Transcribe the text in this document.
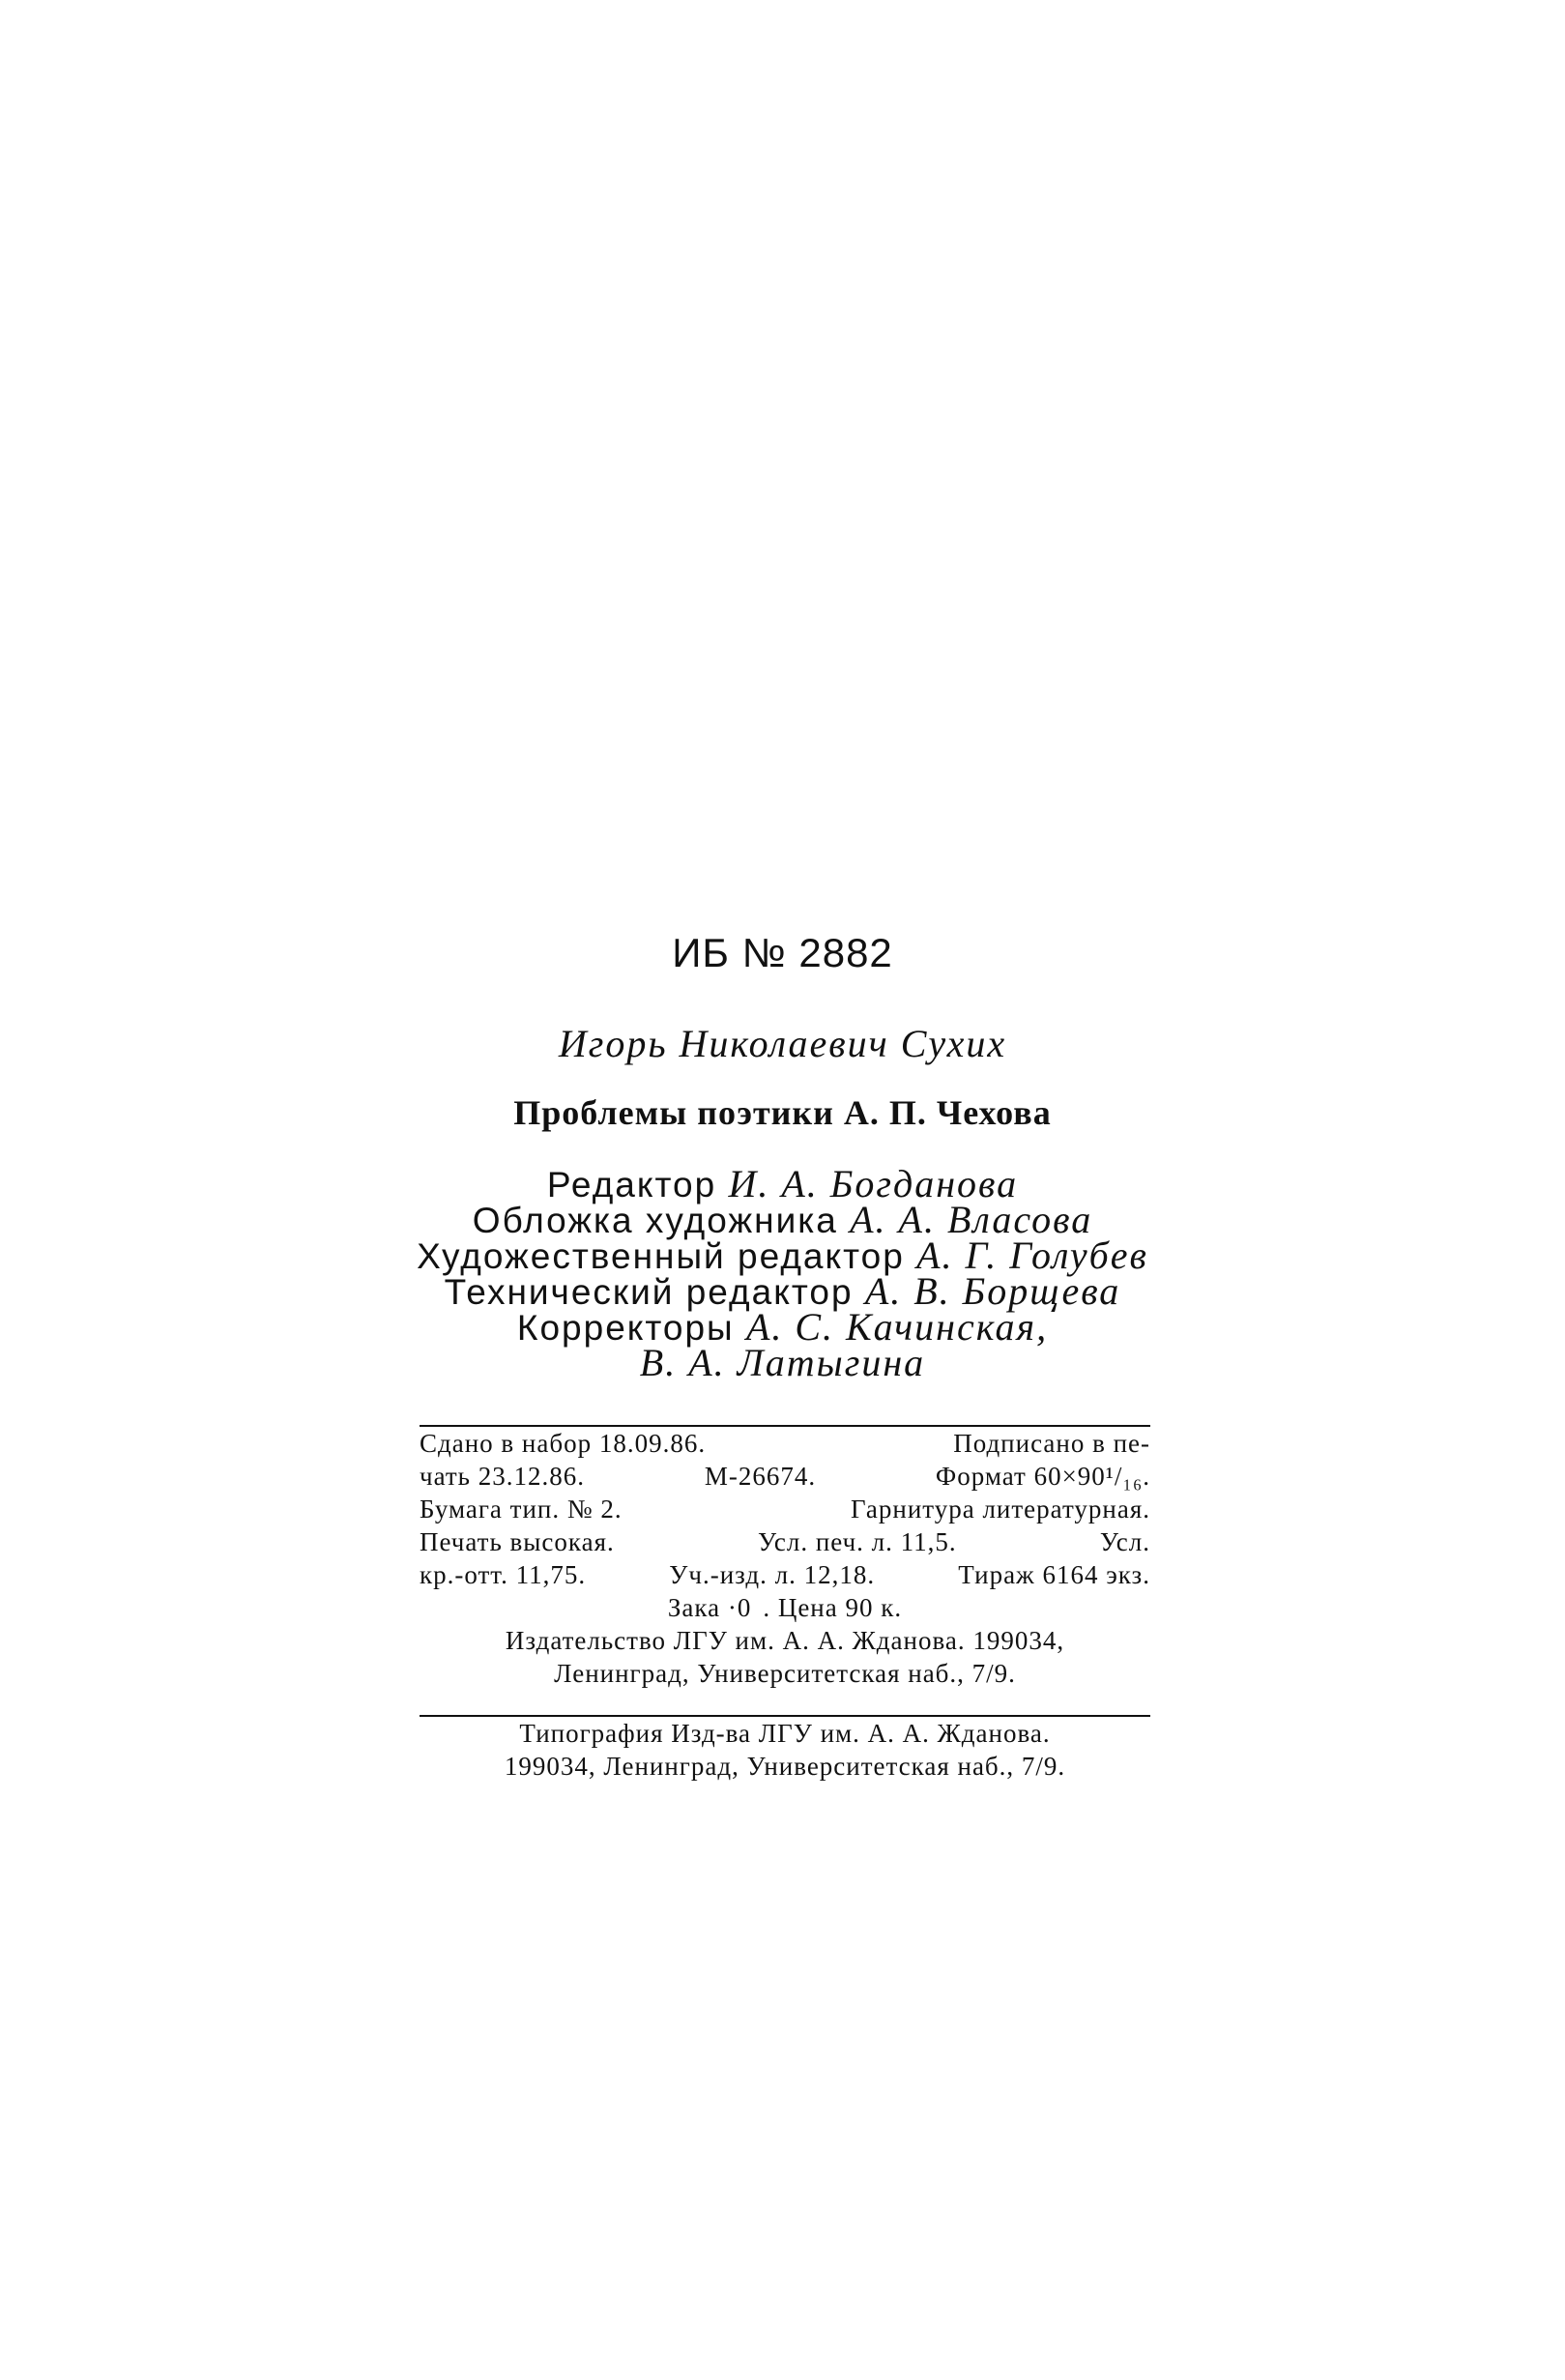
ИБ № 2882
Игорь Николаевич Сухих
Проблемы поэтики А. П. Чехова
Редактор И. А. Богданова
Обложка художника А. А. Власова
Художественный редактор А. Г. Голубев
Технический редактор А. В. Борщева
Корректоры А. С. Качинская,
В. А. Латыгина
Сдано в набор 18.09.86.	Подписано в пе-
чать 23.12.86.	М-26674.	Формат 60×90¹/₁₆.
Бумага тип. № 2.	Гарнитура литературная.
Печать высокая.	Усл. печ. л. 11,5.	Усл.
кр.-отт. 11,75.	Уч.-изд. л. 12,18.	Тираж 6164 экз.
Зака ·0 . Цена 90 к.
Издательство ЛГУ им. А. А. Жданова. 199034,
Ленинград, Университетская наб., 7/9.
Типография Изд-ва ЛГУ им. А. А. Жданова.
199034, Ленинград, Университетская наб., 7/9.
